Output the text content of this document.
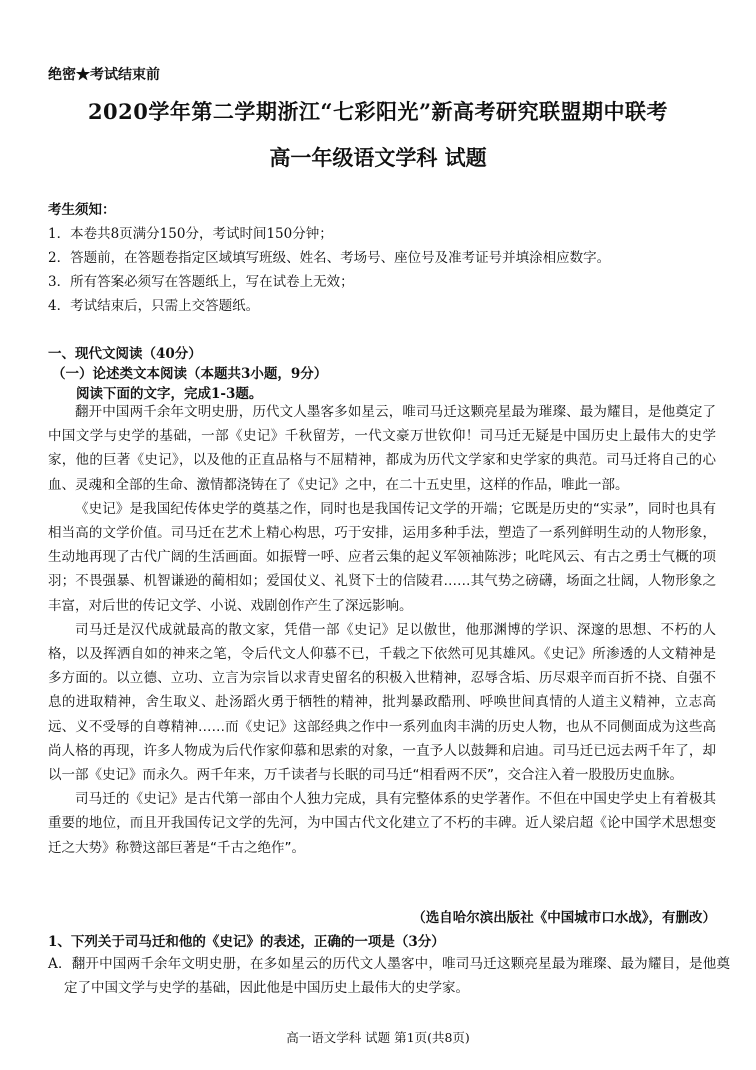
绝密★考试结束前
2020学年第二学期浙江“七彩阳光”新高考研究联盟期中联考
高一年级语文学科 试题
考生须知：
1．本卷共8页满分150分，考试时间150分钟；
2．答题前，在答题卷指定区域填写班级、姓名、考场号、座位号及准考证号并填涂相应数字。
3．所有答案必须写在答题纸上，写在试卷上无效；
4．考试结束后，只需上交答题纸。
一、现代文阅读（40分）
（一）论述类文本阅读（本题共3小题，9分）
阅读下面的文字，完成1-3题。

翻开中国两千余年文明史册，历代文人墨客多如星云，唯司马迁这颗亮星最为璀璨、最为耀目，是他奠定了中国文学与史学的基础，一部《史记》千秋留芳，一代文豪万世钦仰！司马迁无疑是中国历史上最伟大的史学家，他的巨著《史记》，以及他的正直品格与不屈精神，都成为历代文学家和史学家的典范。司马迁将自己的心血、灵魂和全部的生命、激情都浇铸在了《史记》之中，在二十五史里，这样的作品，唯此一部。

《史记》是我国纪传体史学的奠基之作，同时也是我国传记文学的开端；它既是历史的“实录”，同时也具有相当高的文学价值。司马迁在艺术上精心构思，巧于安排，运用多种手法，塑造了一系列鲜明生动的人物形象，生动地再现了古代广阔的生活画面。如振臂一呼、应者云集的起义军领袖陈涉；叱咤风云、有古之勇士气概的项羽；不畏强暴、机智谦逊的蔺相如；爱国仗义、礼贤下士的信陵君……其气势之磅礴，场面之壮阔，人物形象之丰富，对后世的传记文学、小说、戏剧创作产生了深远影响。

司马迁是汉代成就最高的散文家，凭借一部《史记》足以傲世，他那渊博的学识、深邃的思想、不朽的人格，以及挥洒自如的神来之笔，令后代文人仰慕不已，千载之下依然可见其雄风。《史记》所渗透的人文精神是多方面的。以立德、立功、立言为宗旨以求青史留名的积极入世精神，忍辱含垢、历尽艰辛而百折不挠、自强不息的进取精神，舍生取义、赴汤蹈火勇于牺牲的精神，批判暴政酷刑、呼唤世间真情的人道主义精神，立志高远、义不受辱的自尊精神……而《史记》这部经典之作中一系列血肉丰满的历史人物，也从不同侧面成为这些高尚人格的再现，许多人物成为后代作家仰慕和思索的对象，一直予人以鼓舞和启迪。司马迁已远去两千年了，却以一部《史记》而永久。两千年来，万千读者与长眠的司马迁“相看两不厌”，交合注入着一股股历史血脉。

司马迁的《史记》是古代第一部由个人独力完成，具有完整体系的史学著作。不但在中国史学史上有着极其重要的地位，而且开我国传记文学的先河，为中国古代文化建立了不朽的丰碑。近人梁启超《论中国学术思想变迁之大势》称赞这部巨著是“千古之绝作”。

（选自哈尔滨出版社《中国城市口水战》，有删改）
1、下列关于司马迁和他的《史记》的表述，正确的一项是（3分）
A．翻开中国两千余年文明史册，在多如星云的历代文人墨客中，唯司马迁这颗亮星最为璀璨、最为耀目，是他奠定了中国文学与史学的基础，因此他是中国历史上最伟大的史学家。
高一语文学科 试题 第1页(共8页)
